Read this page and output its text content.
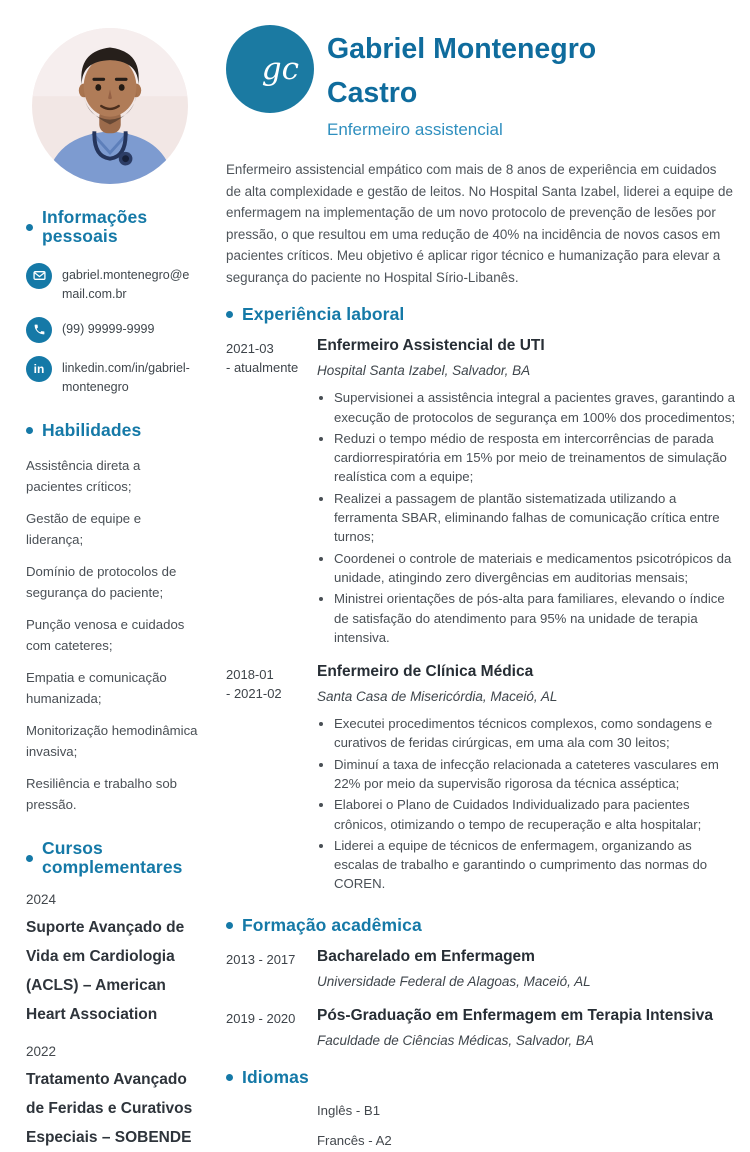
Informações pessoais
gabriel.montenegro@email.com.br
(99) 99999-9999
in	linkedin.com/in/gabriel-montenegro
Habilidades
Assistência direta a pacientes críticos;
Gestão de equipe e liderança;
Domínio de protocolos de segurança do paciente;
Punção venosa e cuidados com cateteres;
Empatia e comunicação humanizada;
Monitorização hemodinâmica invasiva;
Resiliência e trabalho sob pressão.
Cursos complementares
2024
Suporte Avançado de Vida em Cardiologia (ACLS) – American Heart Association
2022
Tratamento Avançado de Feridas e Curativos Especiais – SOBENDE
gc
Gabriel Montenegro Castro
Enfermeiro assistencial

Enfermeiro assistencial empático com mais de 8 anos de experiência em cuidados de alta complexidade e gestão de leitos. No Hospital Santa Izabel, liderei a equipe de enfermagem na implementação de um novo protocolo de prevenção de lesões por pressão, o que resultou em uma redução de 40% na incidência de novos casos em pacientes críticos. Meu objetivo é aplicar rigor técnico e humanização para elevar a segurança do paciente no Hospital Sírio-Libanês.

Experiência laboral
2021-03
- atualmente
Enfermeiro Assistencial de UTI
Hospital Santa Izabel, Salvador, BA
• Supervisionei a assistência integral a pacientes graves, garantindo a execução de protocolos de segurança em 100% dos procedimentos;
• Reduzi o tempo médio de resposta em intercorrências de parada cardiorrespiratória em 15% por meio de treinamentos de simulação realística com a equipe;
• Realizei a passagem de plantão sistematizada utilizando a ferramenta SBAR, eliminando falhas de comunicação crítica entre turnos;
• Coordenei o controle de materiais e medicamentos psicotrópicos da unidade, atingindo zero divergências em auditorias mensais;
• Ministrei orientações de pós-alta para familiares, elevando o índice de satisfação do atendimento para 95% na unidade de terapia intensiva.
2018-01
- 2021-02
Enfermeiro de Clínica Médica
Santa Casa de Misericórdia, Maceió, AL
• Executei procedimentos técnicos complexos, como sondagens e curativos de feridas cirúrgicas, em uma ala com 30 leitos;
• Diminuí a taxa de infecção relacionada a cateteres vasculares em 22% por meio da supervisão rigorosa da técnica asséptica;
• Elaborei o Plano de Cuidados Individualizado para pacientes crônicos, otimizando o tempo de recuperação e alta hospitalar;
• Liderei a equipe de técnicos de enfermagem, organizando as escalas de trabalho e garantindo o cumprimento das normas do COREN.
Formação acadêmica
2013 - 2017	Bacharelado em Enfermagem
Universidade Federal de Alagoas, Maceió, AL
2019 - 2020	Pós-Graduação em Enfermagem em Terapia Intensiva
Faculdade de Ciências Médicas, Salvador, BA
Idiomas
Inglês - B1
Francês - A2
